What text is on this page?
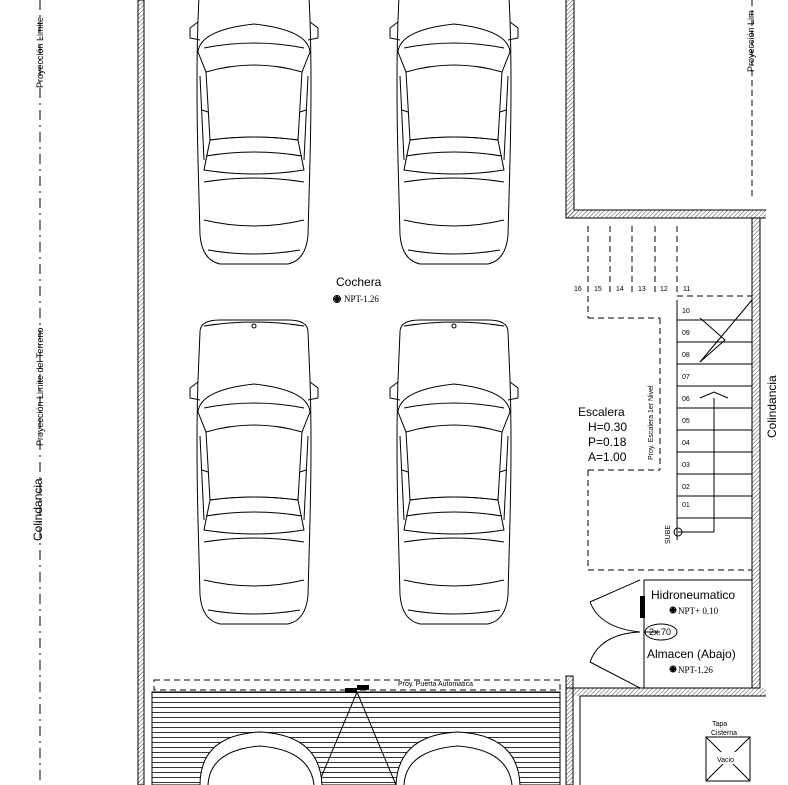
Proyección Limite
Proyección Limite del Terreno
Colindancia
Proyección Lim
Colindancia
Cochera
NPT-1.26
16 15 14 13 12 11
10
09
08
07
06
05
04
03
02
01
SUBE
Proy. Escalera 1er Nivel
Escalera
H=0.30
P=0.18
A=1.00
Hidroneumatico
NPT+ 0.10
2x.70
Almacen (Abajo)
NPT-1.26
Proy. Puerta Automatica
Tapa
Cisterna
Vacio
